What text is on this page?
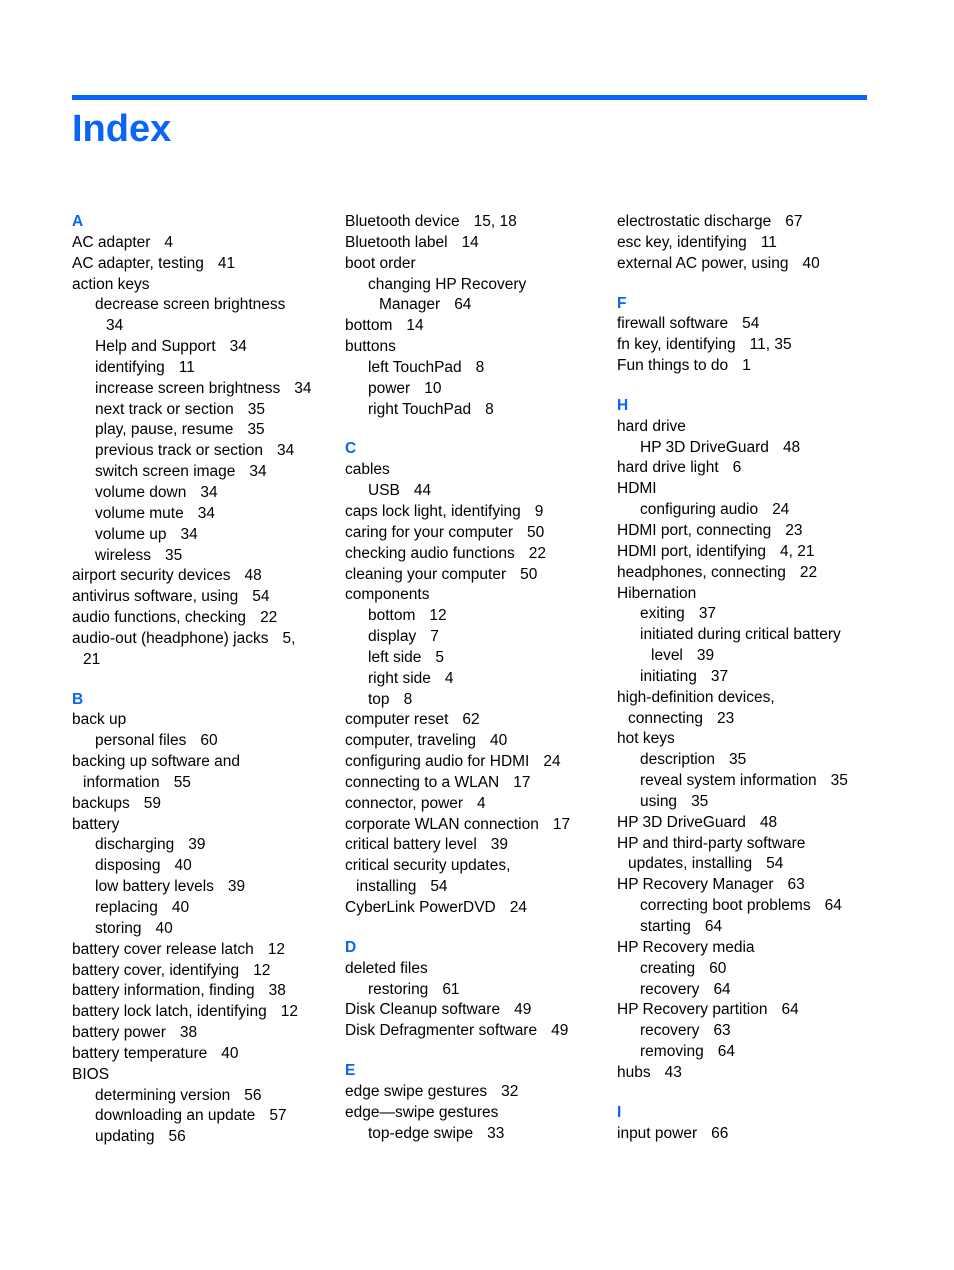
Index
A
AC adapter 4
AC adapter, testing 41
action keys
decrease screen brightness
34
Help and Support 34
identifying 11
increase screen brightness 34
next track or section 35
play, pause, resume 35
previous track or section 34
switch screen image 34
volume down 34
volume mute 34
volume up 34
wireless 35
airport security devices 48
antivirus software, using 54
audio functions, checking 22
audio-out (headphone) jacks 5,
21
B
back up
personal files 60
backing up software and
information 55
backups 59
battery
discharging 39
disposing 40
low battery levels 39
replacing 40
storing 40
battery cover release latch 12
battery cover, identifying 12
battery information, finding 38
battery lock latch, identifying 12
battery power 38
battery temperature 40
BIOS
determining version 56
downloading an update 57
updating 56
Bluetooth device 15, 18
Bluetooth label 14
boot order
changing HP Recovery
Manager 64
bottom 14
buttons
left TouchPad 8
power 10
right TouchPad 8
C
cables
USB 44
caps lock light, identifying 9
caring for your computer 50
checking audio functions 22
cleaning your computer 50
components
bottom 12
display 7
left side 5
right side 4
top 8
computer reset 62
computer, traveling 40
configuring audio for HDMI 24
connecting to a WLAN 17
connector, power 4
corporate WLAN connection 17
critical battery level 39
critical security updates,
installing 54
CyberLink PowerDVD 24
D
deleted files
restoring 61
Disk Cleanup software 49
Disk Defragmenter software 49
E
edge swipe gestures 32
edge—swipe gestures
top-edge swipe 33
electrostatic discharge 67
esc key, identifying 11
external AC power, using 40
F
firewall software 54
fn key, identifying 11, 35
Fun things to do 1
H
hard drive
HP 3D DriveGuard 48
hard drive light 6
HDMI
configuring audio 24
HDMI port, connecting 23
HDMI port, identifying 4, 21
headphones, connecting 22
Hibernation
exiting 37
initiated during critical battery
level 39
initiating 37
high-definition devices,
connecting 23
hot keys
description 35
reveal system information 35
using 35
HP 3D DriveGuard 48
HP and third-party software
updates, installing 54
HP Recovery Manager 63
correcting boot problems 64
starting 64
HP Recovery media
creating 60
recovery 64
HP Recovery partition 64
recovery 63
removing 64
hubs 43
I
input power 66
